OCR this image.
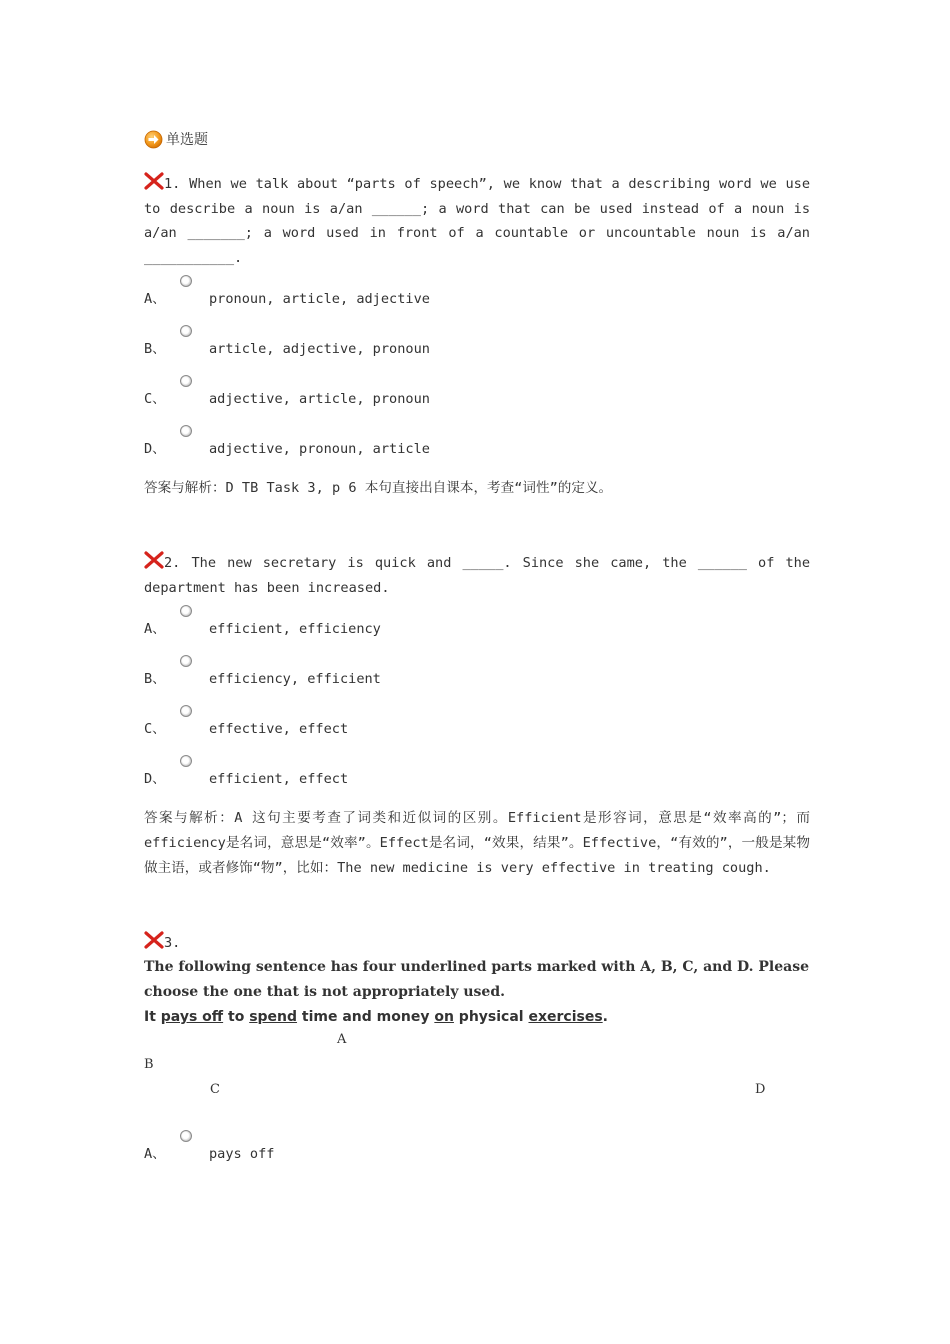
单选题
1. When we talk about “parts of speech”, we know that a describing word we use to describe a noun is a/an ______; a word that can be used instead of a noun is a/an _______; a word used in front of a countable or uncountable noun is a/an ___________.
A、	pronoun, article, adjective
B、	article, adjective, pronoun
C、	adjective, article, pronoun
D、	adjective, pronoun, article
答案与解析：D TB Task 3, p 6 本句直接出自课本，考查“词性”的定义。
2. The new secretary is quick and _____. Since she came, the ______ of the department has been increased.
A、	efficient, efficiency
B、	efficiency, efficient
C、	effective, effect
D、	efficient, effect
答案与解析：A 这句主要考查了词类和近似词的区别。Efficient是形容词，意思是“效率高的”；而efficiency是名词，意思是“效率”。Effect是名词，“效果，结果”。Effective，“有效的”，一般是某物做主语，或者修饰“物”，比如：The new medicine is very effective in treating cough.
3.
The following sentence has four underlined parts marked with A, B, C, and D. Please choose the one that is not appropriately used.
It pays off to spend time and money on physical exercises.
A
B
C	D
A、	pays off
